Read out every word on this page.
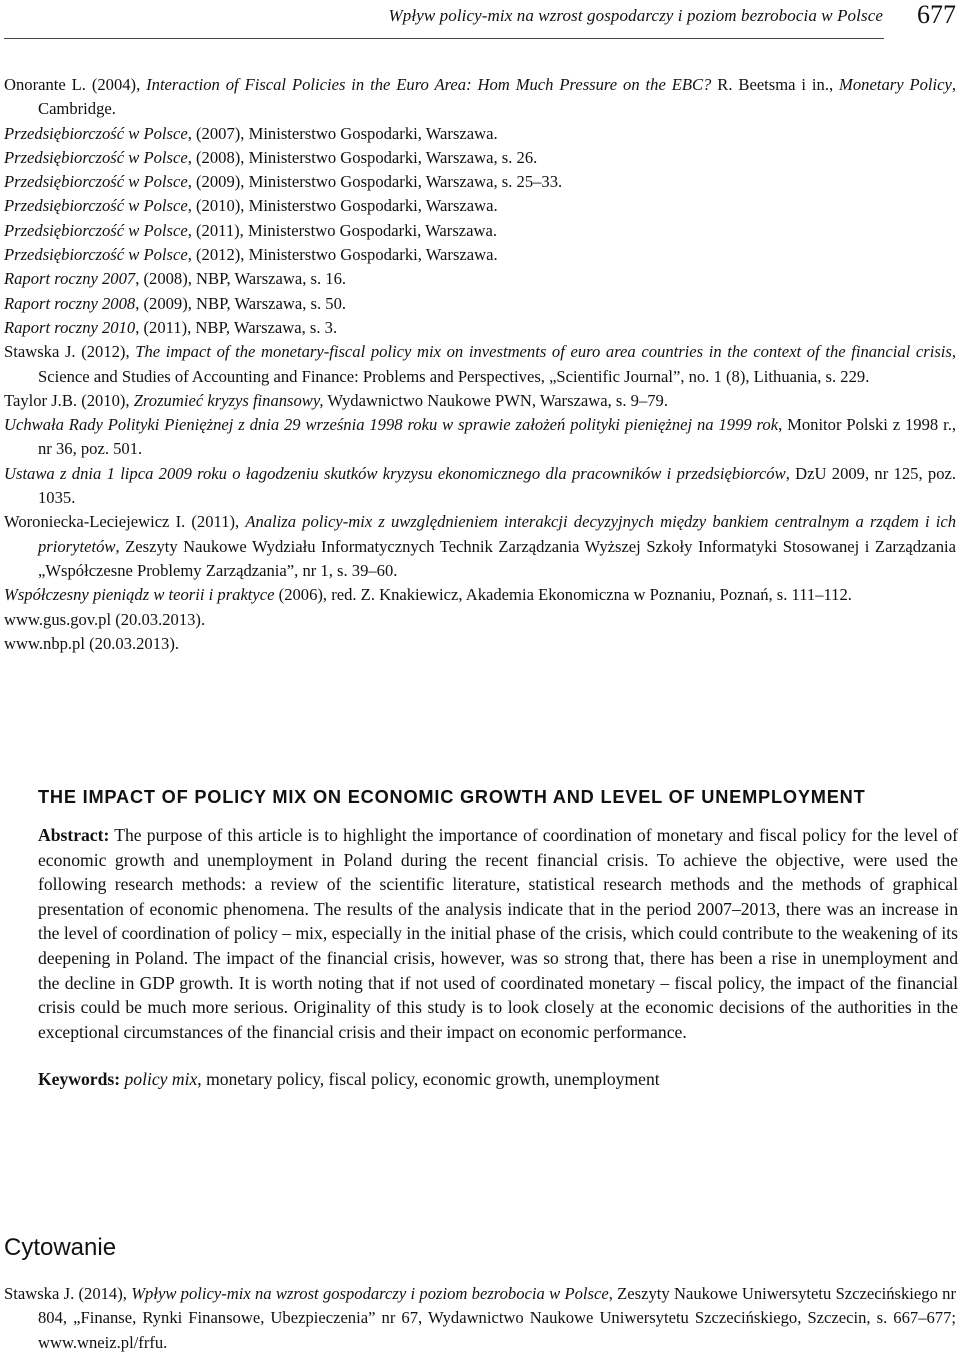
Wpływ policy-mix na wzrost gospodarczy i poziom bezrobocia w Polsce 677

Onorante L. (2004), Interaction of Fiscal Policies in the Euro Area: Hom Much Pressure on the EBC? R. Beetsma i in., Monetary Policy, Cambridge.

Przedsiębiorczość w Polsce, (2007), Ministerstwo Gospodarki, Warszawa.

Przedsiębiorczość w Polsce, (2008), Ministerstwo Gospodarki, Warszawa, s. 26.

Przedsiębiorczość w Polsce, (2009), Ministerstwo Gospodarki, Warszawa, s. 25–33.

Przedsiębiorczość w Polsce, (2010), Ministerstwo Gospodarki, Warszawa.

Przedsiębiorczość w Polsce, (2011), Ministerstwo Gospodarki, Warszawa.

Przedsiębiorczość w Polsce, (2012), Ministerstwo Gospodarki, Warszawa.

Raport roczny 2007, (2008), NBP, Warszawa, s. 16.

Raport roczny 2008, (2009), NBP, Warszawa, s. 50.

Raport roczny 2010, (2011), NBP, Warszawa, s. 3.

Stawska J. (2012), The impact of the monetary-fiscal policy mix on investments of euro area countries in the context of the financial crisis, Science and Studies of Accounting and Finance: Problems and Perspectives, „Scientific Journal”, no. 1 (8), Lithuania, s. 229.

Taylor J.B. (2010), Zrozumieć kryzys finansowy, Wydawnictwo Naukowe PWN, Warszawa, s. 9–79.

Uchwała Rady Polityki Pieniężnej z dnia 29 września 1998 roku w sprawie założeń polityki pieniężnej na 1999 rok, Monitor Polski z 1998 r., nr 36, poz. 501.

Ustawa z dnia 1 lipca 2009 roku o łagodzeniu skutków kryzysu ekonomicznego dla pracowników i przedsiębiorców, DzU 2009, nr 125, poz. 1035.

Woroniecka-Leciejewicz I. (2011), Analiza policy-mix z uwzględnieniem interakcji decyzyjnych między bankiem centralnym a rządem i ich priorytetów, Zeszyty Naukowe Wydziału Informatycznych Technik Zarządzania Wyższej Szkoły Informatyki Stosowanej i Zarządzania „Współczesne Problemy Zarządzania”, nr 1, s. 39–60.

Współczesny pieniądz w teorii i praktyce (2006), red. Z. Knakiewicz, Akademia Ekonomiczna w Poznaniu, Poznań, s. 111–112.

www.gus.gov.pl (20.03.2013).

www.nbp.pl (20.03.2013).

THE IMPACT OF POLICY MIX ON ECONOMIC GROWTH AND LEVEL OF UNEMPLOYMENT

Abstract: The purpose of this article is to highlight the importance of coordination of monetary and fiscal policy for the level of economic growth and unemployment in Poland during the recent financial crisis. To achieve the objective, were used the following research methods: a review of the scientific literature, statistical research methods and the methods of graphical presentation of economic phenomena. The results of the analysis indicate that in the period 2007–2013, there was an increase in the level of coordination of policy – mix, especially in the initial phase of the crisis, which could contribute to the weakening of its deepening in Poland. The impact of the financial crisis, however, was so strong that, there has been a rise in unemployment and the decline in GDP growth. It is worth noting that if not used of coordinated monetary – fiscal policy, the impact of the financial crisis could be much more serious. Originality of this study is to look closely at the economic decisions of the authorities in the exceptional circumstances of the financial crisis and their impact on economic performance.

Keywords: policy mix, monetary policy, fiscal policy, economic growth, unemployment

Cytowanie

Stawska J. (2014), Wpływ policy-mix na wzrost gospodarczy i poziom bezrobocia w Polsce, Zeszyty Naukowe Uniwersytetu Szczecińskiego nr 804, „Finanse, Rynki Finansowe, Ubezpieczenia” nr 67, Wydawnictwo Naukowe Uniwersytetu Szczecińskiego, Szczecin, s. 667–677; www.wneiz.pl/frfu.
